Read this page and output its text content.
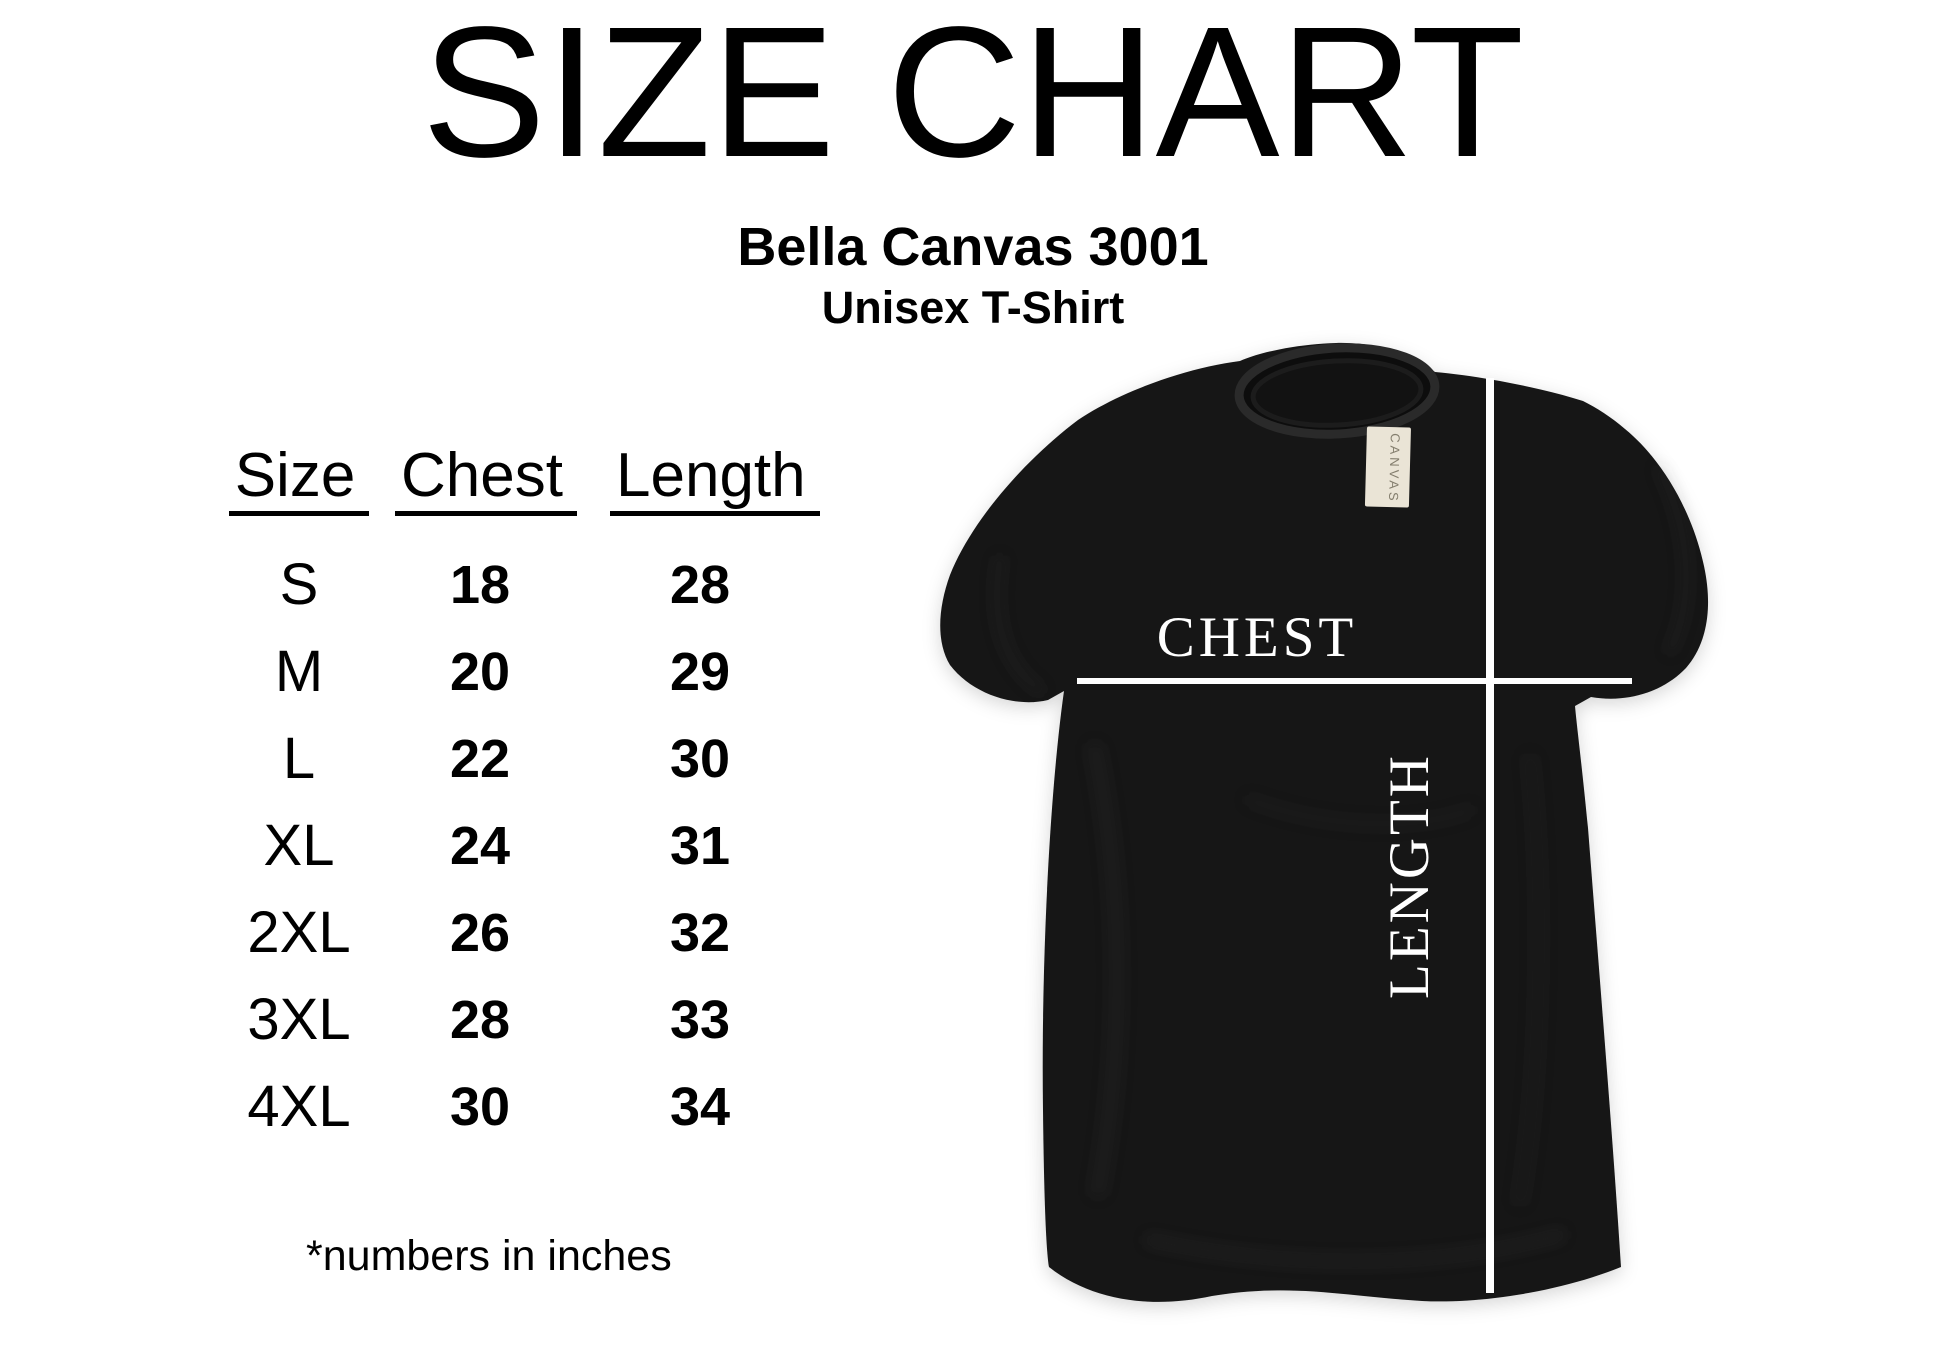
SIZE CHART
Bella Canvas 3001
Unisex T-Shirt
Size Chest Length
S	18	28
M	20	29
L	22	30
XL	24	31
2XL	26	32
3XL	28	33
4XL	30	34
*numbers in inches
CANVAS
CHEST
LENGTH
